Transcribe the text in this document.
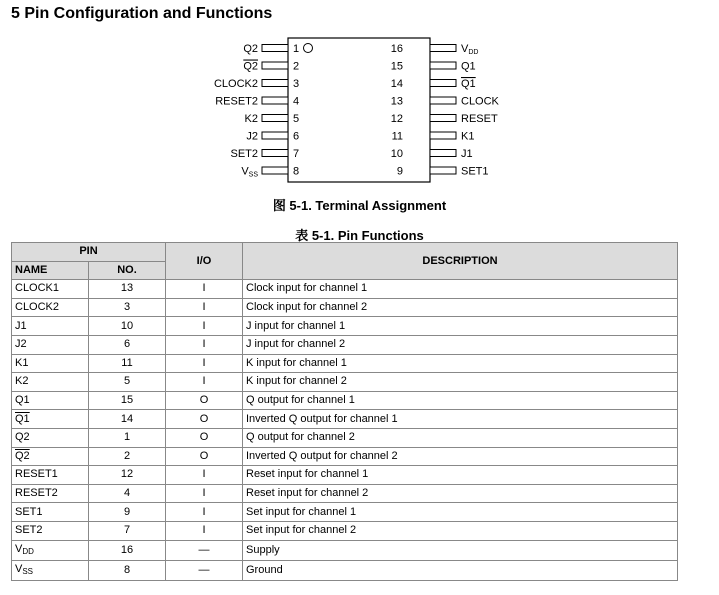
5 Pin Configuration and Functions
Q2	1
Q2	2
CLOCK2	3
RESET2	4
K2	5
J2	6
SET2	7
VSS	8
VDD
16
Q1
15
Q1
14
CLOCK
13
RESET
12
K1
11
J1
10
SET1
9
图 5-1. Terminal Assignment
表 5-1. Pin Functions
PIN		I/O	DESCRIPTION
NAME	NO.		
CLOCK1	13	I	Clock input for channel 1
CLOCK2	3	I	Clock input for channel 2
J1	10	I	J input for channel 1
J2	6	I	J input for channel 2
K1	11	I	K input for channel 1
K2	5	I	K input for channel 2
Q1	15	O	Q output for channel 1
Q1	14	O	Inverted Q output for channel 1
Q2	1	O	Q output for channel 2
Q2	2	O	Inverted Q output for channel 2
RESET1	12	I	Reset input for channel 1
RESET2	4	I	Reset input for channel 2
SET1	9	I	Set input for channel 1
SET2	7	I	Set input for channel 2
$V_{DD}$	16	—	Supply
$V_{SS}$	8	—	Ground
